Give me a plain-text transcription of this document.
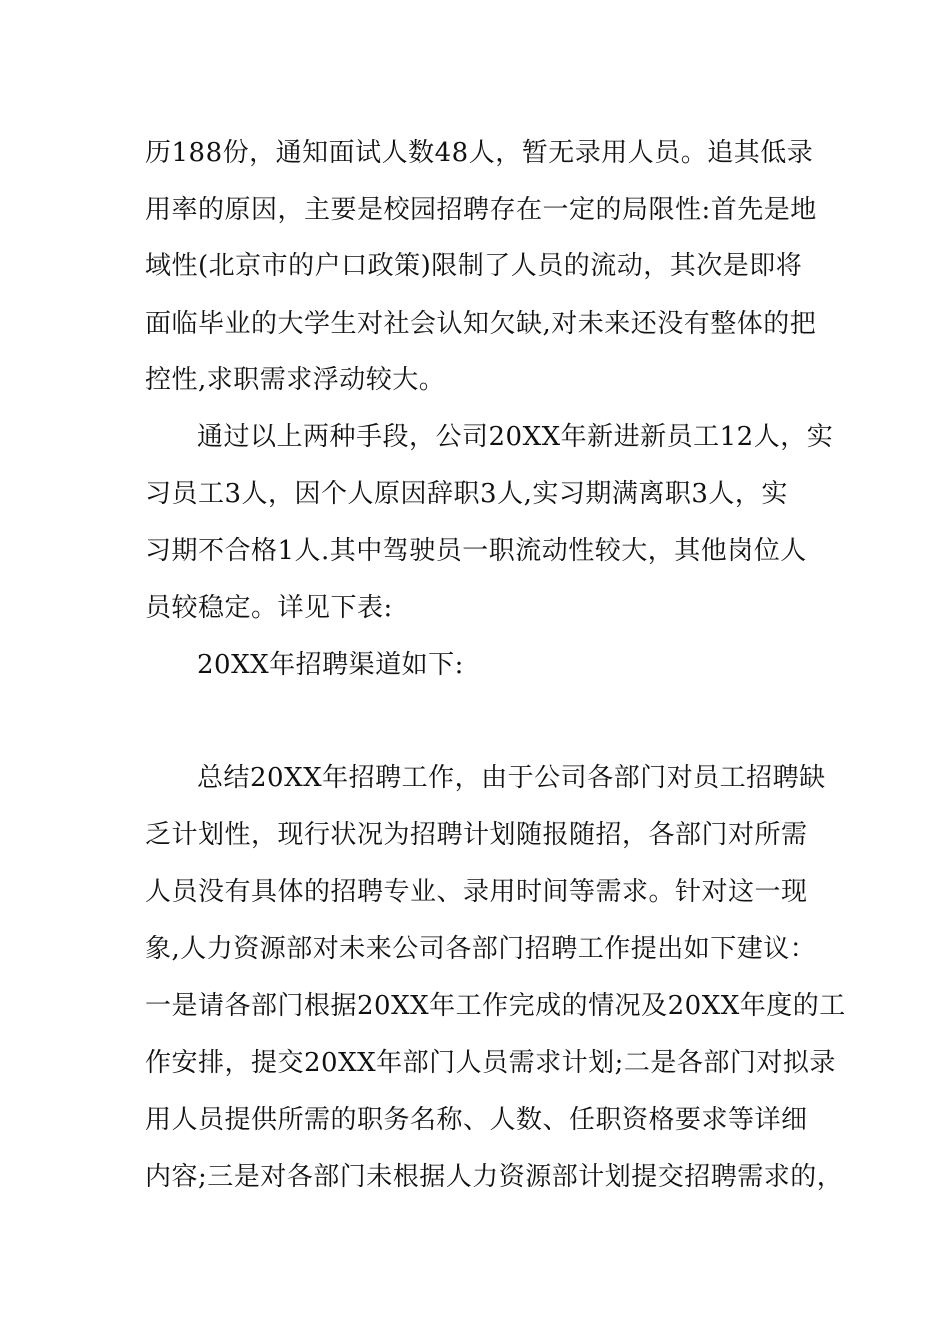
历188份，通知面试人数48人，暂无录用人员。追其低录
用率的原因，主要是校园招聘存在一定的局限性:首先是地
域性(北京市的户口政策)限制了人员的流动，其次是即将
面临毕业的大学生对社会认知欠缺,对未来还没有整体的把
控性,求职需求浮动较大。
通过以上两种手段，公司20XX年新进新员工12人，实
习员工3人，因个人原因辞职3人,实习期满离职3人，实
习期不合格1人.其中驾驶员一职流动性较大，其他岗位人
员较稳定。详见下表:
20XX年招聘渠道如下:
总结20XX年招聘工作，由于公司各部门对员工招聘缺
乏计划性，现行状况为招聘计划随报随招，各部门对所需
人员没有具体的招聘专业、录用时间等需求。针对这一现
象,人力资源部对未来公司各部门招聘工作提出如下建议：
一是请各部门根据20XX年工作完成的情况及20XX年度的工
作安排，提交20XX年部门人员需求计划;二是各部门对拟录
用人员提供所需的职务名称、人数、任职资格要求等详细
内容;三是对各部门未根据人力资源部计划提交招聘需求的，
